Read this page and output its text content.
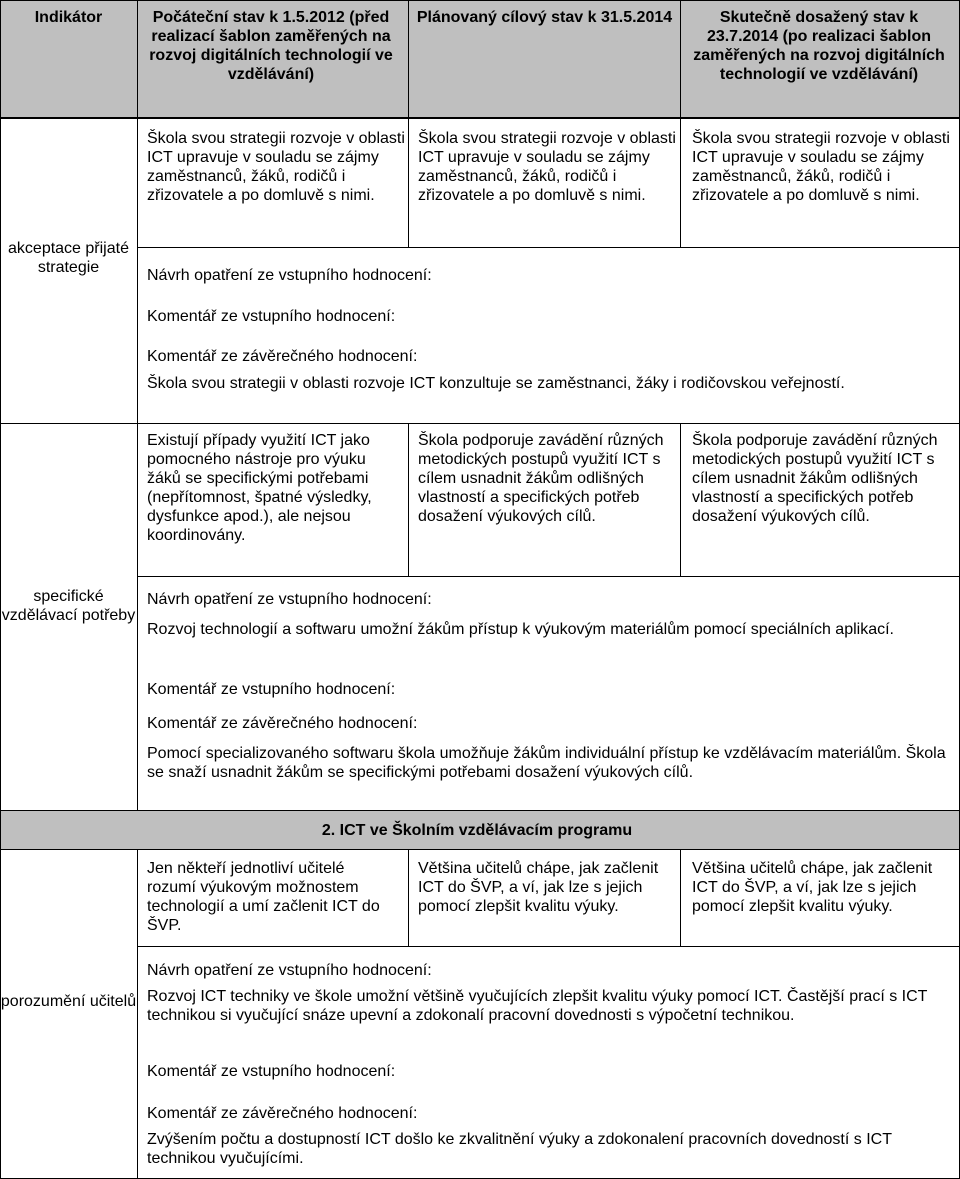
Indikátor	Počáteční stav k 1.5.2012 (před realizací šablon zaměřených na rozvoj digitálních technologií ve vzdělávání)
Plánovaný cílový stav k 31.5.2014	Skutečně dosažený stav k 23.7.2014 (po realizaci šablon zaměřených na rozvoj digitálních technologií ve vzdělávání)
akceptace přijaté strategie
Škola svou strategii rozvoje v oblasti ICT upravuje v souladu se zájmy zaměstnanců, žáků, rodičů i zřizovatele a po domluvě s nimi.
Škola svou strategii rozvoje v oblasti ICT upravuje v souladu se zájmy zaměstnanců, žáků, rodičů i zřizovatele a po domluvě s nimi.
Škola svou strategii rozvoje v oblasti ICT upravuje v souladu se zájmy zaměstnanců, žáků, rodičů i zřizovatele a po domluvě s nimi.
Návrh opatření ze vstupního hodnocení:
Komentář ze vstupního hodnocení:
Komentář ze závěrečného hodnocení:
Škola svou strategii v oblasti rozvoje ICT konzultuje se zaměstnanci, žáky i rodičovskou veřejností.
specifické vzdělávací potřeby
Existují případy využití ICT jako pomocného nástroje pro výuku žáků se specifickými potřebami (nepřítomnost, špatné výsledky, dysfunkce apod.), ale nejsou koordinovány.
Škola podporuje zavádění různých metodických postupů využití ICT s cílem usnadnit žákům odlišných vlastností a specifických potřeb dosažení výukových cílů.
Škola podporuje zavádění různých metodických postupů využití ICT s cílem usnadnit žákům odlišných vlastností a specifických potřeb dosažení výukových cílů.
Návrh opatření ze vstupního hodnocení:
Rozvoj technologií a softwaru umožní žákům přístup k výukovým materiálům pomocí speciálních aplikací.
Komentář ze vstupního hodnocení:
Komentář ze závěrečného hodnocení:
Pomocí specializovaného softwaru škola umožňuje žákům individuální přístup ke vzdělávacím materiálům. Škola se snaží usnadnit žákům se specifickými potřebami dosažení výukových cílů.
2. ICT ve Školním vzdělávacím programu
porozumění učitelů
Jen někteří jednotliví učitelé rozumí výukovým možnostem technologií a umí začlenit ICT do ŠVP.
Většina učitelů chápe, jak začlenit ICT do ŠVP, a ví, jak lze s jejich pomocí zlepšit kvalitu výuky.
Většina učitelů chápe, jak začlenit ICT do ŠVP, a ví, jak lze s jejich pomocí zlepšit kvalitu výuky.
Návrh opatření ze vstupního hodnocení:
Rozvoj ICT techniky ve škole umožní většině vyučujících zlepšit kvalitu výuky pomocí ICT. Častější prací s ICT technikou si vyučující snáze upevní a zdokonalí pracovní dovednosti s výpočetní technikou.
Komentář ze vstupního hodnocení:
Komentář ze závěrečného hodnocení:
Zvýšením počtu a dostupností ICT došlo ke zkvalitnění výuky a zdokonalení pracovních dovedností s ICT technikou vyučujícími.
